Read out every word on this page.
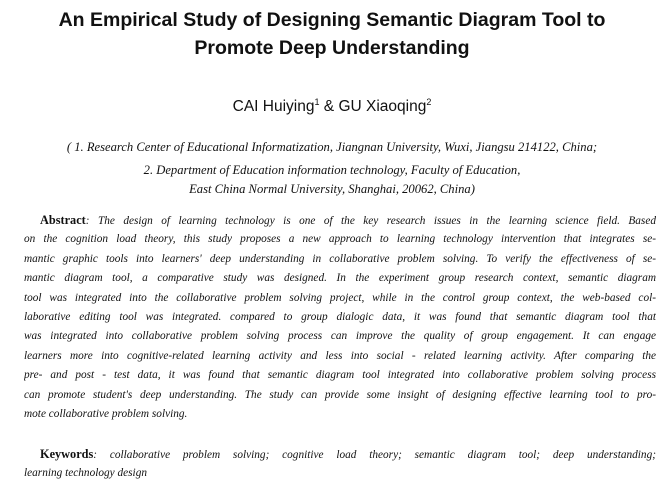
An Empirical Study of Designing Semantic Diagram Tool to
Promote Deep Understanding
CAI Huiying$^1$ & GU Xiaoqing$^2$
( 1. Research Center of Educational Informatization, Jiangnan University, Wuxi, Jiangsu 214122, China;
2. Department of Education information technology, Faculty of Education,
East China Normal University, Shanghai, 20062, China)
Abstract: The design of learning technology is one of the key research issues in the learning science field. Based
on the cognition load theory, this study proposes a new approach to learning technology intervention that integrates se-
mantic graphic tools into learners' deep understanding in collaborative problem solving. To verify the effectiveness of se-
mantic diagram tool, a comparative study was designed. In the experiment group research context, semantic diagram
tool was integrated into the collaborative problem solving project, while in the control group context, the web-based col-
laborative editing tool was integrated. compared to group dialogic data, it was found that semantic diagram tool that
was integrated into collaborative problem solving process can improve the quality of group engagement. It can engage
learners more into cognitive-related learning activity and less into social - related learning activity. After comparing the
pre- and post - test data, it was found that semantic diagram tool integrated into collaborative problem solving process
can promote student's deep understanding. The study can provide some insight of designing effective learning tool to pro-
mote collaborative problem solving.
Keywords: collaborative problem solving; cognitive load theory; semantic diagram tool; deep understanding;
learning technology design
